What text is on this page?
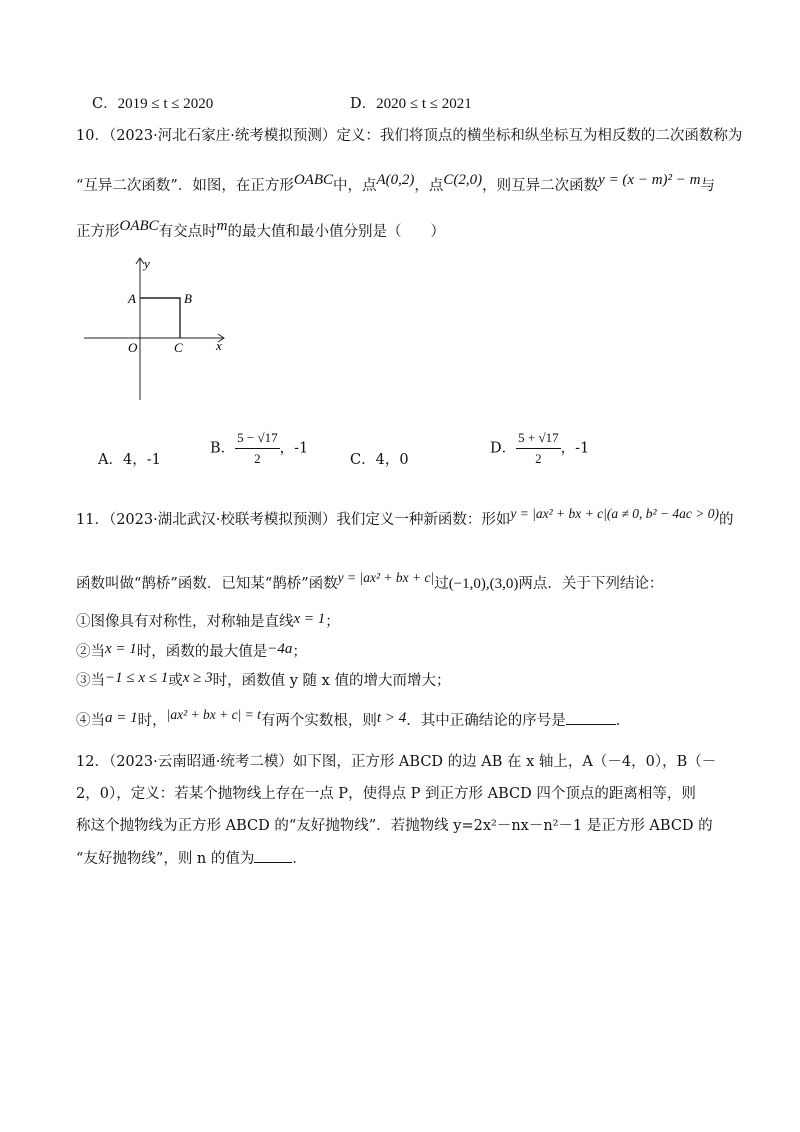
C．2019 ≤ t ≤ 2020	D．2020 ≤ t ≤ 2021
10．（2023·河北石家庄·统考模拟预测）定义：我们将顶点的横坐标和纵坐标互为相反数的二次函数称为
“互异二次函数”．如图，在正方形OABC中，点A(0,2)，点C(2,0)，则互异二次函数y = (x − m)² − m与
正方形OABC有交点时m的最大值和最小值分别是（　　）
y
x
A	B
O	C
A．4，-1
B． $\frac{5 - √17}{2}$ ，-1
C．4，0
D． $\frac{5 + √17}{2}$ ，-1
11．（2023·湖北武汉·校联考模拟预测）我们定义一种新函数：形如y = |ax² + bx + c|(a ≠ 0, b² − 4ac > 0)的
函数叫做“鹊桥”函数．已知某“鹊桥”函数y = |ax² + bx + c|过(−1,0),(3,0)两点．关于下列结论：
①图像具有对称性，对称轴是直线x = 1；
②当x = 1时，函数的最大值是−4a；
③当−1 ≤ x ≤ 1或x ≥ 3时，函数值 y 随 x 值的增大而增大；
④当a = 1时，|ax² + bx + c| = t有两个实数根，则t > 4．其中正确结论的序号是	．
12．（2023·云南昭通·统考二模）如下图，正方形 ABCD 的边 AB 在 x 轴上，A（－4，0），B（－
2，0），定义：若某个抛物线上存在一点 P，使得点 P 到正方形 ABCD 四个顶点的距离相等，则
称这个抛物线为正方形 ABCD 的“友好抛物线”．若抛物线 y=2x²－nx－n²－1 是正方形 ABCD 的
“友好抛物线”，则 n 的值为	．
